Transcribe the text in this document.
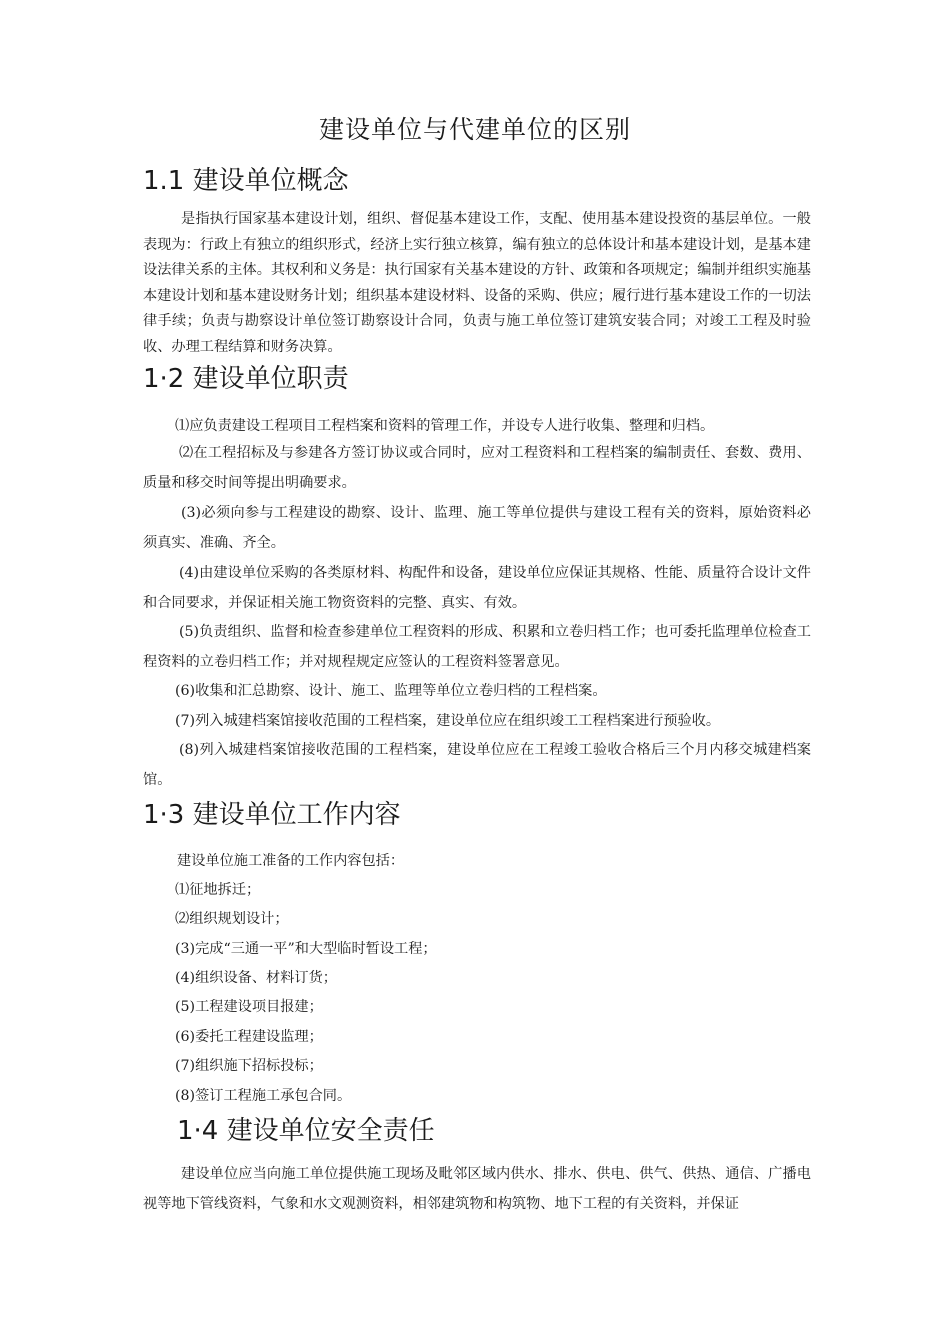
建设单位与代建单位的区别
1.1 建设单位概念
是指执行国家基本建设计划，组织、督促基本建设工作，支配、使用基本建设投资的基层单位。一般表现为：行政上有独立的组织形式，经济上实行独立核算，编有独立的总体设计和基本建设计划，是基本建设法律关系的主体。其权利和义务是：执行国家有关基本建设的方针、政策和各项规定；编制并组织实施基本建设计划和基本建设财务计划；组织基本建设材料、设备的采购、供应；履行进行基本建设工作的一切法律手续；负责与勘察设计单位签订勘察设计合同，负责与施工单位签订建筑安装合同；对竣工工程及时验收、办理工程结算和财务决算。
1·2 建设单位职责
⑴应负责建设工程项目工程档案和资料的管理工作，并设专人进行收集、整理和归档。
⑵在工程招标及与参建各方签订协议或合同时，应对工程资料和工程档案的编制责任、套数、费用、质量和移交时间等提出明确要求。
(3)必须向参与工程建设的勘察、设计、监理、施工等单位提供与建设工程有关的资料，原始资料必须真实、准确、齐全。
(4)由建设单位采购的各类原材料、构配件和设备，建设单位应保证其规格、性能、质量符合设计文件和合同要求，并保证相关施工物资资料的完整、真实、有效。
(5)负责组织、监督和检查参建单位工程资料的形成、积累和立卷归档工作；也可委托监理单位检查工程资料的立卷归档工作；并对规程规定应签认的工程资料签署意见。
(6)收集和汇总勘察、设计、施工、监理等单位立卷归档的工程档案。
(7)列入城建档案馆接收范围的工程档案，建设单位应在组织竣工工程档案进行预验收。
(8)列入城建档案馆接收范围的工程档案，建设单位应在工程竣工验收合格后三个月内移交城建档案馆。
1·3 建设单位工作内容
建设单位施工准备的工作内容包括：
⑴征地拆迁；
⑵组织规划设计；
(3)完成“三通一平”和大型临时暂设工程；
(4)组织设备、材料订货；
(5)工程建设项目报建；
(6)委托工程建设监理；
(7)组织施下招标投标；
(8)签订工程施工承包合同。
1·4 建设单位安全责任
建设单位应当向施工单位提供施工现场及毗邻区域内供水、排水、供电、供气、供热、通信、广播电视等地下管线资料，气象和水文观测资料，相邻建筑物和构筑物、地下工程的有关资料，并保证
